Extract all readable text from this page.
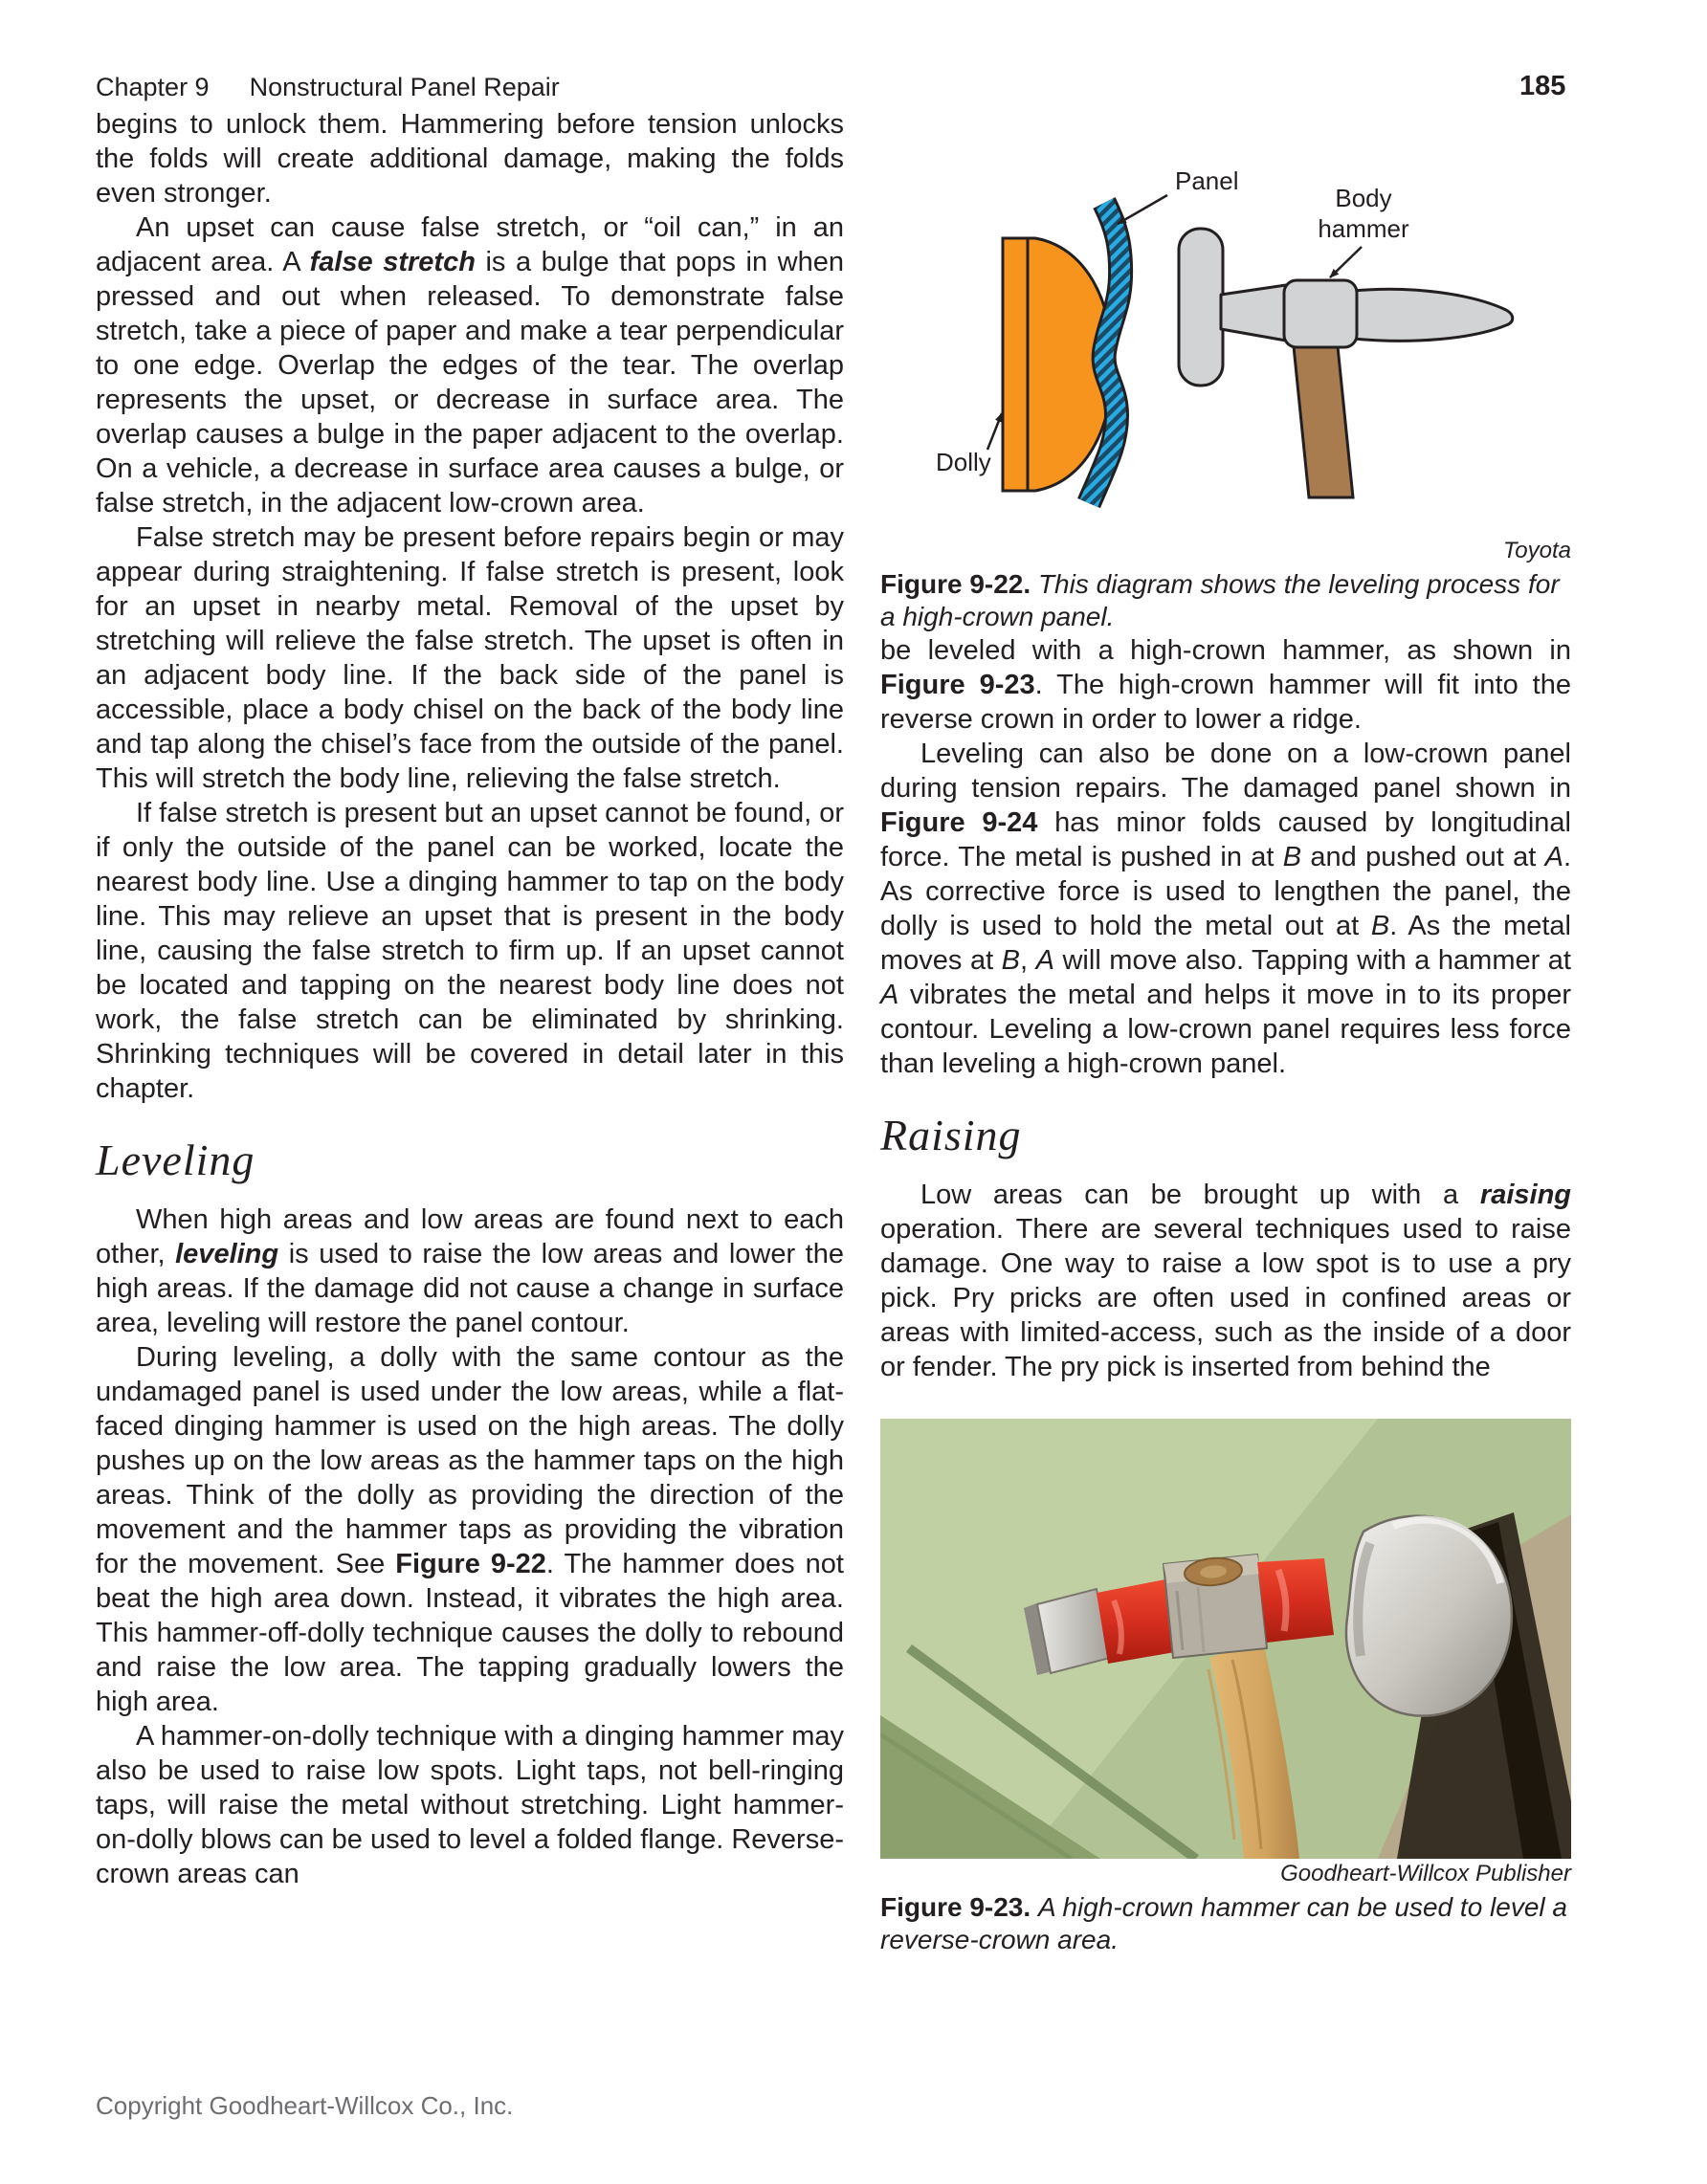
Chapter 9 Nonstructural Panel Repair	185

begins to unlock them. Hammering before tension unlocks the folds will create additional damage, making the folds even stronger.

An upset can cause false stretch, or “oil can,” in an adjacent area. A false stretch is a bulge that pops in when pressed and out when released. To demonstrate false stretch, take a piece of paper and make a tear perpendicular to one edge. Overlap the edges of the tear. The overlap represents the upset, or decrease in surface area. The overlap causes a bulge in the paper adjacent to the overlap. On a vehicle, a decrease in surface area causes a bulge, or false stretch, in the adjacent low-crown area.

False stretch may be present before repairs begin or may appear during straightening. If false stretch is present, look for an upset in nearby metal. Removal of the upset by stretching will relieve the false stretch. The upset is often in an adjacent body line. If the back side of the panel is accessible, place a body chisel on the back of the body line and tap along the chisel’s face from the outside of the panel. This will stretch the body line, relieving the false stretch.

If false stretch is present but an upset cannot be found, or if only the outside of the panel can be worked, locate the nearest body line. Use a dinging hammer to tap on the body line. This may relieve an upset that is present in the body line, causing the false stretch to firm up. If an upset cannot be located and tapping on the nearest body line does not work, the false stretch can be eliminated by shrinking. Shrinking techniques will be covered in detail later in this chapter.

Leveling

When high areas and low areas are found next to each other, leveling is used to raise the low areas and lower the high areas. If the damage did not cause a change in surface area, leveling will restore the panel contour.

During leveling, a dolly with the same contour as the undamaged panel is used under the low areas, while a flat-faced dinging hammer is used on the high areas. The dolly pushes up on the low areas as the hammer taps on the high areas. Think of the dolly as providing the direction of the movement and the hammer taps as providing the vibration for the movement. See Figure 9-22. The hammer does not beat the high area down. Instead, it vibrates the high area. This hammer-off-dolly technique causes the dolly to rebound and raise the low area. The tapping gradually lowers the high area.

A hammer-on-dolly technique with a dinging hammer may also be used to raise low spots. Light taps, not bell-ringing taps, will raise the metal without stretching. Light hammer-on-dolly blows can be used to level a folded flange. Reverse-crown areas can

Panel
Body
hammer
Dolly

Toyota

Figure 9-22. This diagram shows the leveling process for a high-crown panel.

be leveled with a high-crown hammer, as shown in Figure 9-23. The high-crown hammer will fit into the reverse crown in order to lower a ridge.

Leveling can also be done on a low-crown panel during tension repairs. The damaged panel shown in Figure 9-24 has minor folds caused by longitudinal force. The metal is pushed in at B and pushed out at A. As corrective force is used to lengthen the panel, the dolly is used to hold the metal out at B. As the metal moves at B, A will move also. Tapping with a hammer at A vibrates the metal and helps it move in to its proper contour. Leveling a low-crown panel requires less force than leveling a high-crown panel.

Raising

Low areas can be brought up with a raising operation. There are several techniques used to raise damage. One way to raise a low spot is to use a pry pick. Pry pricks are often used in confined areas or areas with limited-access, such as the inside of a door or fender. The pry pick is inserted from behind the

Goodheart-Willcox Publisher

Figure 9-23. A high-crown hammer can be used to level a reverse-crown area.

Copyright Goodheart-Willcox Co., Inc.
